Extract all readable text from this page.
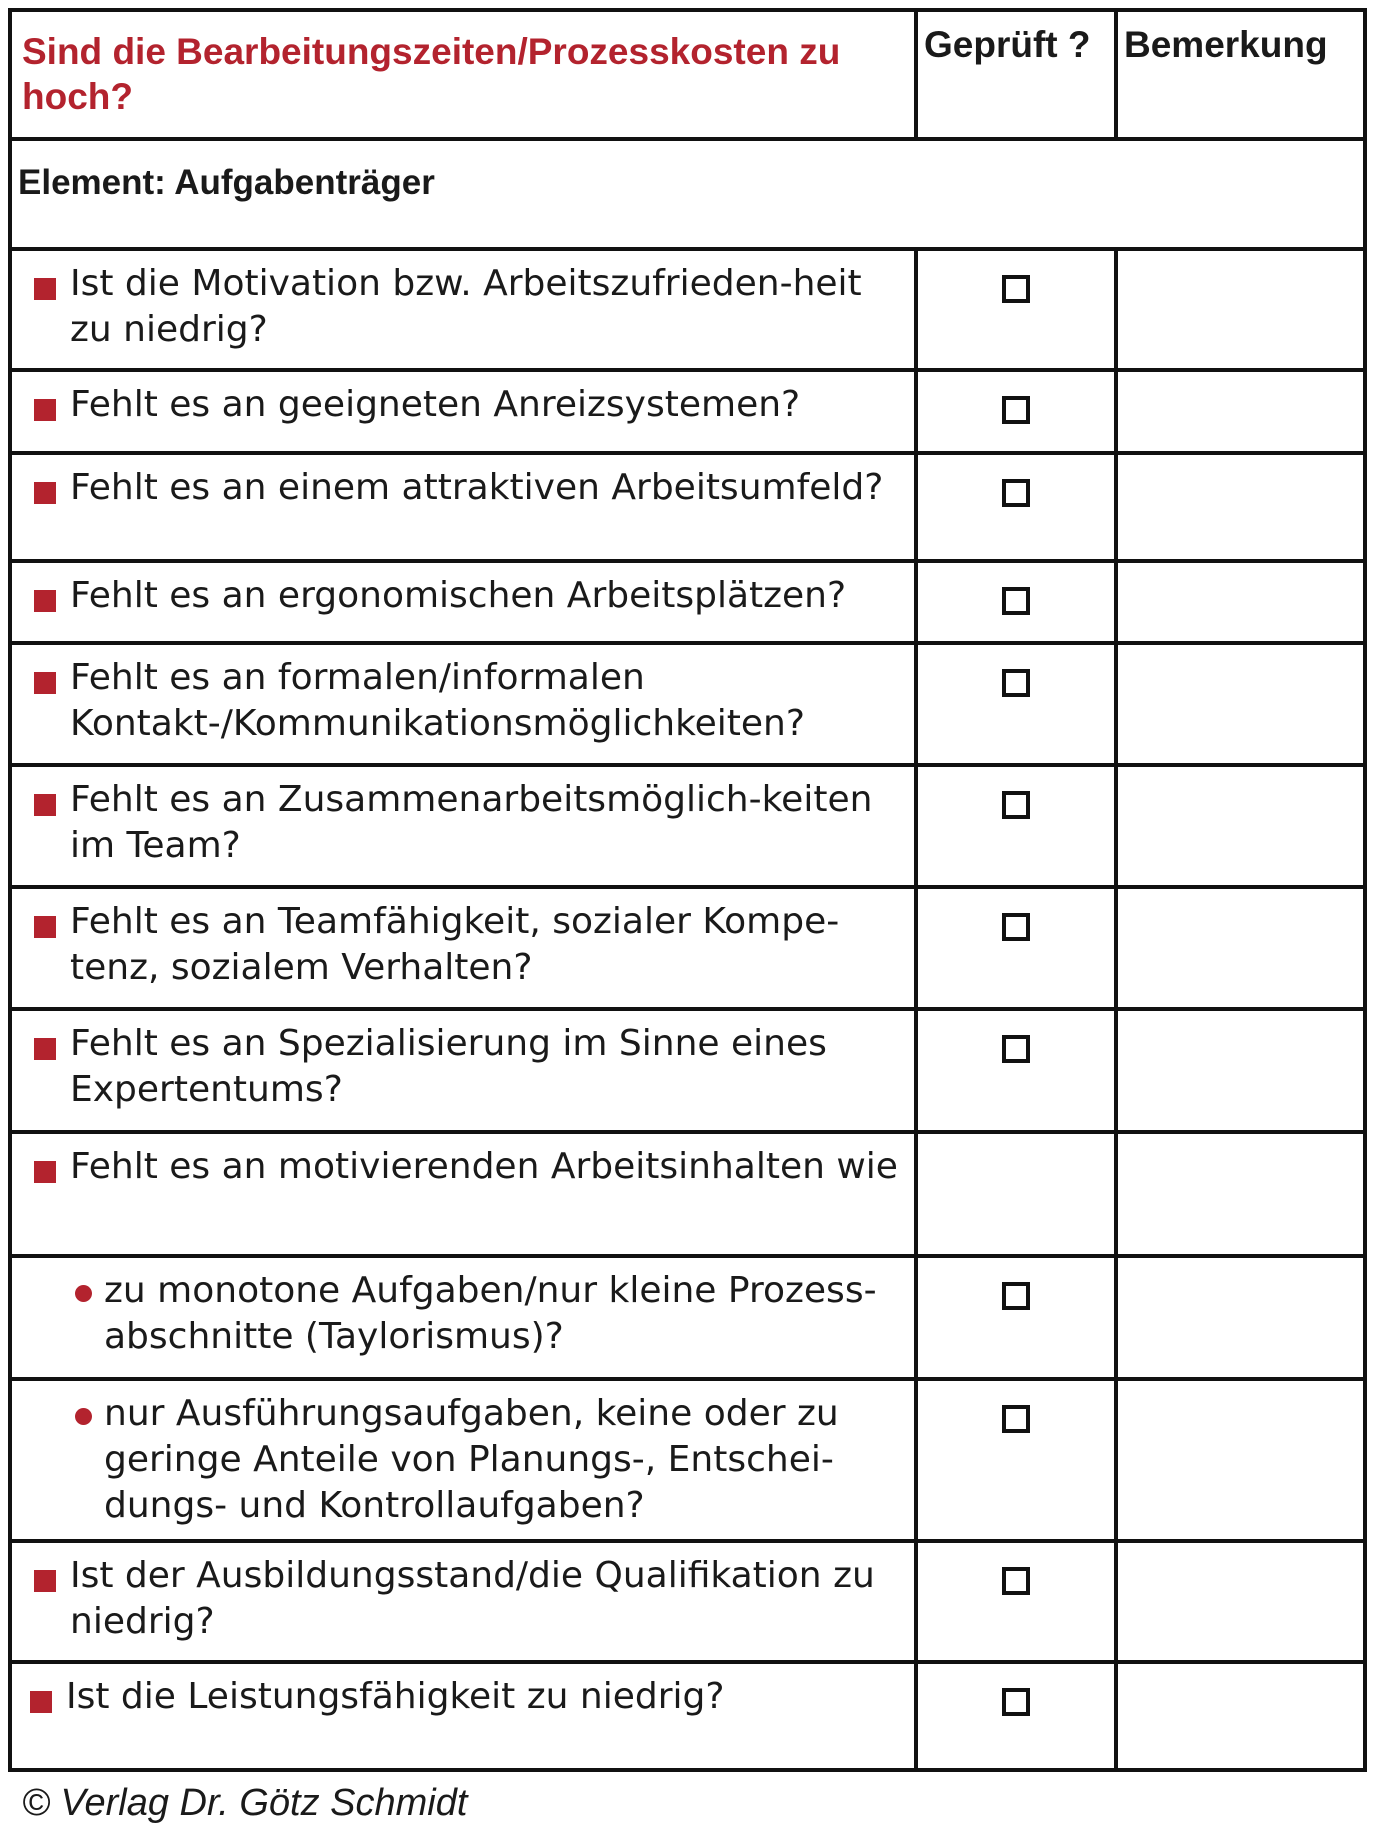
Sind die Bearbeitungszeiten/Prozesskosten zu hoch?	Geprüft ?	Bemerkung

Element: Aufgabenträger		

Ist die Motivation bzw. Arbeitszufrieden-heit zu niedrig?		

Fehlt es an geeigneten Anreizsystemen?		

Fehlt es an einem attraktiven Arbeitsumfeld?		

Fehlt es an ergonomischen Arbeitsplätzen?		

Fehlt es an formalen/informalen Kontakt-/Kommunikationsmöglichkeiten?		

Fehlt es an Zusammenarbeitsmöglich-keiten im Team?		

Fehlt es an Teamfähigkeit, sozialer Kompe-tenz, sozialem Verhalten?		

Fehlt es an Spezialisierung im Sinne eines Expertentums?		

Fehlt es an motivierenden Arbeitsinhalten wie		

zu monotone Aufgaben/nur kleine Prozess-abschnitte (Taylorismus)?		

nur Ausführungsaufgaben, keine oder zu geringe Anteile von Planungs-, Entschei-dungs- und Kontrollaufgaben?		

Ist der Ausbildungsstand/die Qualifikation zu niedrig?		

Ist die Leistungsfähigkeit zu niedrig?		

© Verlag Dr. Götz Schmidt
